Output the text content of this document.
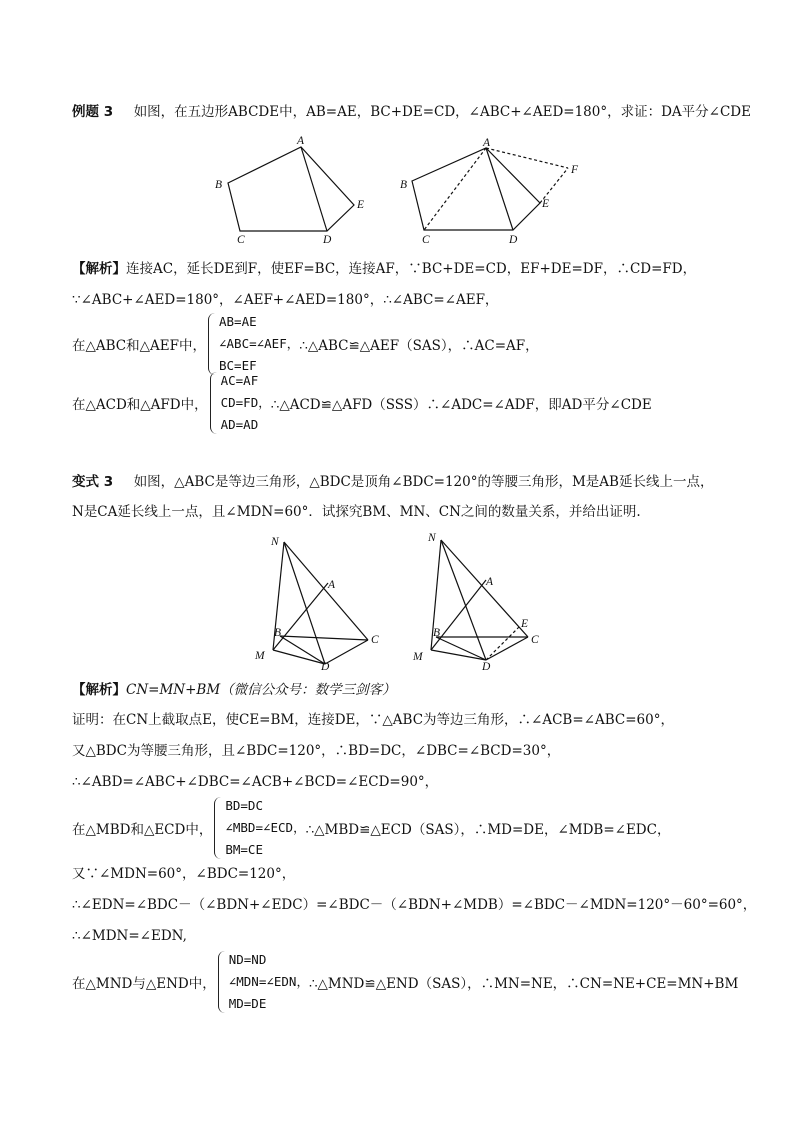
例题 3 如图，在五边形ABCDE中，AB=AE，BC+DE=CD，∠ABC+∠AED=180°，求证：DA平分∠CDE
A
B
C	D
E
A
B
C	D
E
F
N
A
B
C
M
D
N
A
B
C
E
M
D
【解析】连接AC，延长DE到F，使EF=BC，连接AF，∵BC+DE=CD，EF+DE=DF，∴CD=FD，
∵∠ABC+∠AED=180°，∠AEF+∠AED=180°，∴∠ABC=∠AEF，
在△ABC和△AEF中，
AB=AE
∠ABC=∠AEF，
BC=EF
∴△ABC≌△AEF（SAS），∴AC=AF，
在△ACD和△AFD中，
AC=AF
CD=FD，
AD=AD
∴△ACD≌△AFD（SSS）∴∠ADC=∠ADF，即AD平分∠CDE
变式 3 如图，△ABC是等边三角形，△BDC是顶角∠BDC=120°的等腰三角形，M是AB延长线上一点，
N是CA延长线上一点，且∠MDN=60°．试探究BM、MN、CN之间的数量关系，并给出证明.
【解析】CN=MN+BM（微信公众号：数学三剑客）
证明：在CN上截取点E，使CE=BM，连接DE，∵△ABC为等边三角形，∴∠ACB=∠ABC=60°，
又△BDC为等腰三角形，且∠BDC=120°，∴BD=DC，∠DBC=∠BCD=30°，
∴∠ABD=∠ABC+∠DBC=∠ACB+∠BCD=∠ECD=90°，
在△MBD和△ECD中，
BD=DC
∠MBD=∠ECD，
BM=CE
∴△MBD≌△ECD（SAS），∴MD=DE，∠MDB=∠EDC，
又∵∠MDN=60°，∠BDC=120°，
∴∠EDN=∠BDC－（∠BDN+∠EDC）=∠BDC－（∠BDN+∠MDB）=∠BDC－∠MDN=120°－60°=60°，
∴∠MDN=∠EDN,
在△MND与△END中，
ND=ND
∠MDN=∠EDN，
MD=DE
∴△MND≌△END（SAS），∴MN=NE，∴CN=NE+CE=MN+BM
